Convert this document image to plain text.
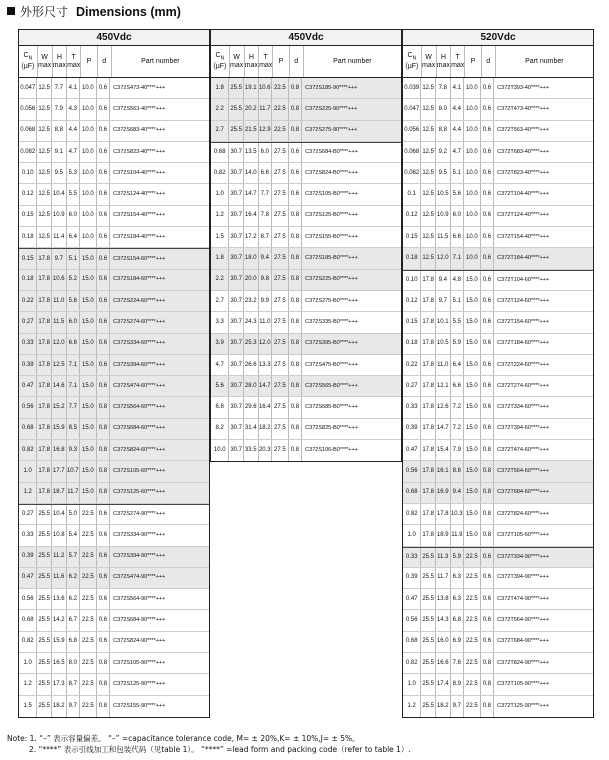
外形尺寸 Dimensions (mm)
450Vdc
$C_N$
(μF)
W
max
H
max
T
max
P	d	Part number
0.047 12.5 7.7 4.1 10.0 0.6	C372S473-40****+++
0.056 12.5 7.9 4.3 10.0 0.6	C372S563-40****+++
0.068 12.5 8.8 4.4 10.0 0.6	C372S683-40****+++
0.082 12.5 9.1 4.7 10.0 0.6	C372S823-40****+++
0.10 12.5 9.5 5.3 10.0 0.6	C372S104-40****+++
0.12 12.5 10.4 5.5 10.0 0.6	C372S124-40****+++
0.15 12.5 10.9 6.0 10.0 0.6	C372S154-40****+++
0.18 12.5 11.4 6.4 10.0 0.6	C372S184-40****+++
0.15 17.8 9.7 5.1 15.0 0.6	C372S154-60****+++
0.18 17.8 10.6 5.2 15.0 0.6	C372S184-60****+++
0.22 17.8 11.0 5.6 15.0 0.6	C372S224-60****+++
0.27 17.8 11.5 6.0 15.0 0.6	C372S274-60****+++
0.33 17.8 12.0 6.6 15.0 0.6	C372S334-60****+++
0.39 17.8 12.5 7.1 15.0 0.6	C372S394-60****+++
0.47 17.8 14.6 7.1 15.0 0.6	C372S474-60****+++
0.56 17.8 15.2 7.7 15.0 0.8	C372S564-60****+++
0.68 17.8 15.9 8.5 15.0 0.8	C372S684-60****+++
0.82 17.8 16.8 9.3 15.0 0.8	C372S824-60****+++
1.0	17.8 17.7 10.7 15.0 0.8	C372S105-60****+++
1.2	17.8 18.7 11.7 15.0 0.8	C372S125-60****+++
0.27 25.5 10.4 5.0 22.5 0.6	C372S274-90****+++
0.33 25.5 10.8 5.4 22.5 0.6	C372S334-90****+++
0.39 25.5 11.2 5.7 22.5 0.6	C372S394-90****+++
0.47 25.5 11.6 6.2 22.5 0.6	C372S474-90****+++
0.56 25.5 13.6 6.2 22.5 0.6	C372S564-90****+++
0.68 25.5 14.2 6.7 22.5 0.6	C372S684-90****+++
0.82 25.5 15.9 6.8 22.5 0.6	C372S824-90****+++
1.0	25.5 16.5 8.0 22.5 0.8	C372S105-90****+++
1.2	25.5 17.3 8.7 22.5 0.8	C372S125-90****+++
1.5	25.5 18.2 9.7 22.5 0.8	C372S155-90****+++
450Vdc
$C_N$
(μF)
W
max
H
max
T
max
P	d	Part number
1.8	25.5 19.1 10.6 22.5 0.8	C372S185-90****+++
2.2	25.5 20.2 11.7 22.5 0.8	C372S225-90****+++
2.7	25.5 21.5 12.9 22.5 0.8	C372S275-90****+++
0.68 30.7 13.5 6.0 27.5 0.6	C372S684-B0****+++
0.82 30.7 14.0 6.6 27.5 0.6	C372S824-B0****+++
1.0	30.7 14.7 7.7 27.5 0.6	C372S105-B0****+++
1.2	30.7 16.4 7.8 27.5 0.8	C372S125-B0****+++
1.5	30.7 17.2 8.7 27.5 0.8	C372S155-B0****+++
1.8	30.7 18.0 9.4 27.5 0.8	C372S185-B0****+++
2.2	30.7 20.0 9.8 27.5 0.8	C372S225-B0****+++
2.7	30.7 23.2 9.9 27.5 0.8	C372S275-B0****+++
3.3	30.7 24.3 11.0 27.5 0.8	C372S335-B0****+++
3.9	30.7 25.3 12.0 27.5 0.8	C372S395-B0****+++
4.7	30.7 26.6 13.3 27.5 0.8	C372S475-B0****+++
5.6	30.7 28.0 14.7 27.5 0.8	C372S565-B0****+++
6.8	30.7 29.6 16.4 27.5 0.8	C372S685-B0****+++
8.2	30.7 31.4 18.2 27.5 0.8	C372S825-B0****+++
10.0 30.7 33.5 20.3 27.5 0.8	C372S106-B0****+++
520Vdc
$C_N$
(μF)
W
max
H
max
T
max
P	d	Part number
0.039 12.5 7.8 4.1 10.0 0.6	C372T393-40****+++
0.047 12.5 8.0 4.4 10.0 0.6	C372T473-40****+++
0.056 12.5 8.8 4.4 10.0 0.6	C372T563-40****+++
0.068 12.5 9.2 4.7 10.0 0.6	C372T683-40****+++
0.082 12.5 9.5 5.1 10.0 0.6	C372T823-40****+++
0.1	12.5 10.5 5.6 10.0 0.6	C372T104-40****+++
0.12 12.5 10.9 6.0 10.0 0.6	C372T124-40****+++
0.15 12.5 11.5 6.6 10.0 0.6	C372T154-40****+++
0.18 12.5 12.0 7.1 10.0 0.6	C372T184-40****+++
0.10 17.8 9.4 4.8 15.0 0.6	C372T104-60****+++
0.12 17.8 9.7 5.1 15.0 0.6	C372T124-60****+++
0.15 17.8 10.1 5.5 15.0 0.6	C372T154-60****+++
0.18 17.8 10.5 5.9 15.0 0.6	C372T184-60****+++
0.22 17.8 11.0 6.4 15.0 0.6	C372T224-60****+++
0.27 17.8 12.1 6.6 15.0 0.6	C372T274-60****+++
0.33 17.8 12.6 7.2 15.0 0.6	C372T334-60****+++
0.39 17.8 14.7 7.2 15.0 0.6	C372T394-60****+++
0.47 17.8 15.4 7.9 15.0 0.8	C372T474-60****+++
0.56 17.8 16.1 8.6 15.0 0.8	C372T564-60****+++
0.68 17.8 16.9 9.4 15.0 0.8	C372T684-60****+++
0.82 17.8 17.8 10.3 15.0 0.8	C372T824-60****+++
1.0	17.8 18.9 11.9 15.0 0.8	C372T105-60****+++
0.33 25.5 11.3 5.9 22.5 0.6	C372T334-90****+++
0.39 25.5 11.7 6.3 22.5 0.6	C372T394-90****+++
0.47 25.5 13.8 6.3 22.5 0.6	C372T474-90****+++
0.56 25.5 14.3 6.8 22.5 0.6	C372T564-90****+++
0.68 25.5 16.0 6.9 22.5 0.6	C372T684-90****+++
0.82 25.5 16.6 7.6 22.5 0.8	C372T824-90****+++
1.0	25.5 17.4 8.9 22.5 0.8	C372T105-90****+++
1.2	25.5 18.2 9.7 22.5 0.8	C372T125-90****+++
Note: 1. “–” 表示容量偏差。 “–” =capacitance tolerance code, M= ± 20%,K= ± 10%,J= ± 5%。
2. “****” 表示引线加工和包装代码（见table 1）。 “****” =lead form and packing code（refer to table 1）.
